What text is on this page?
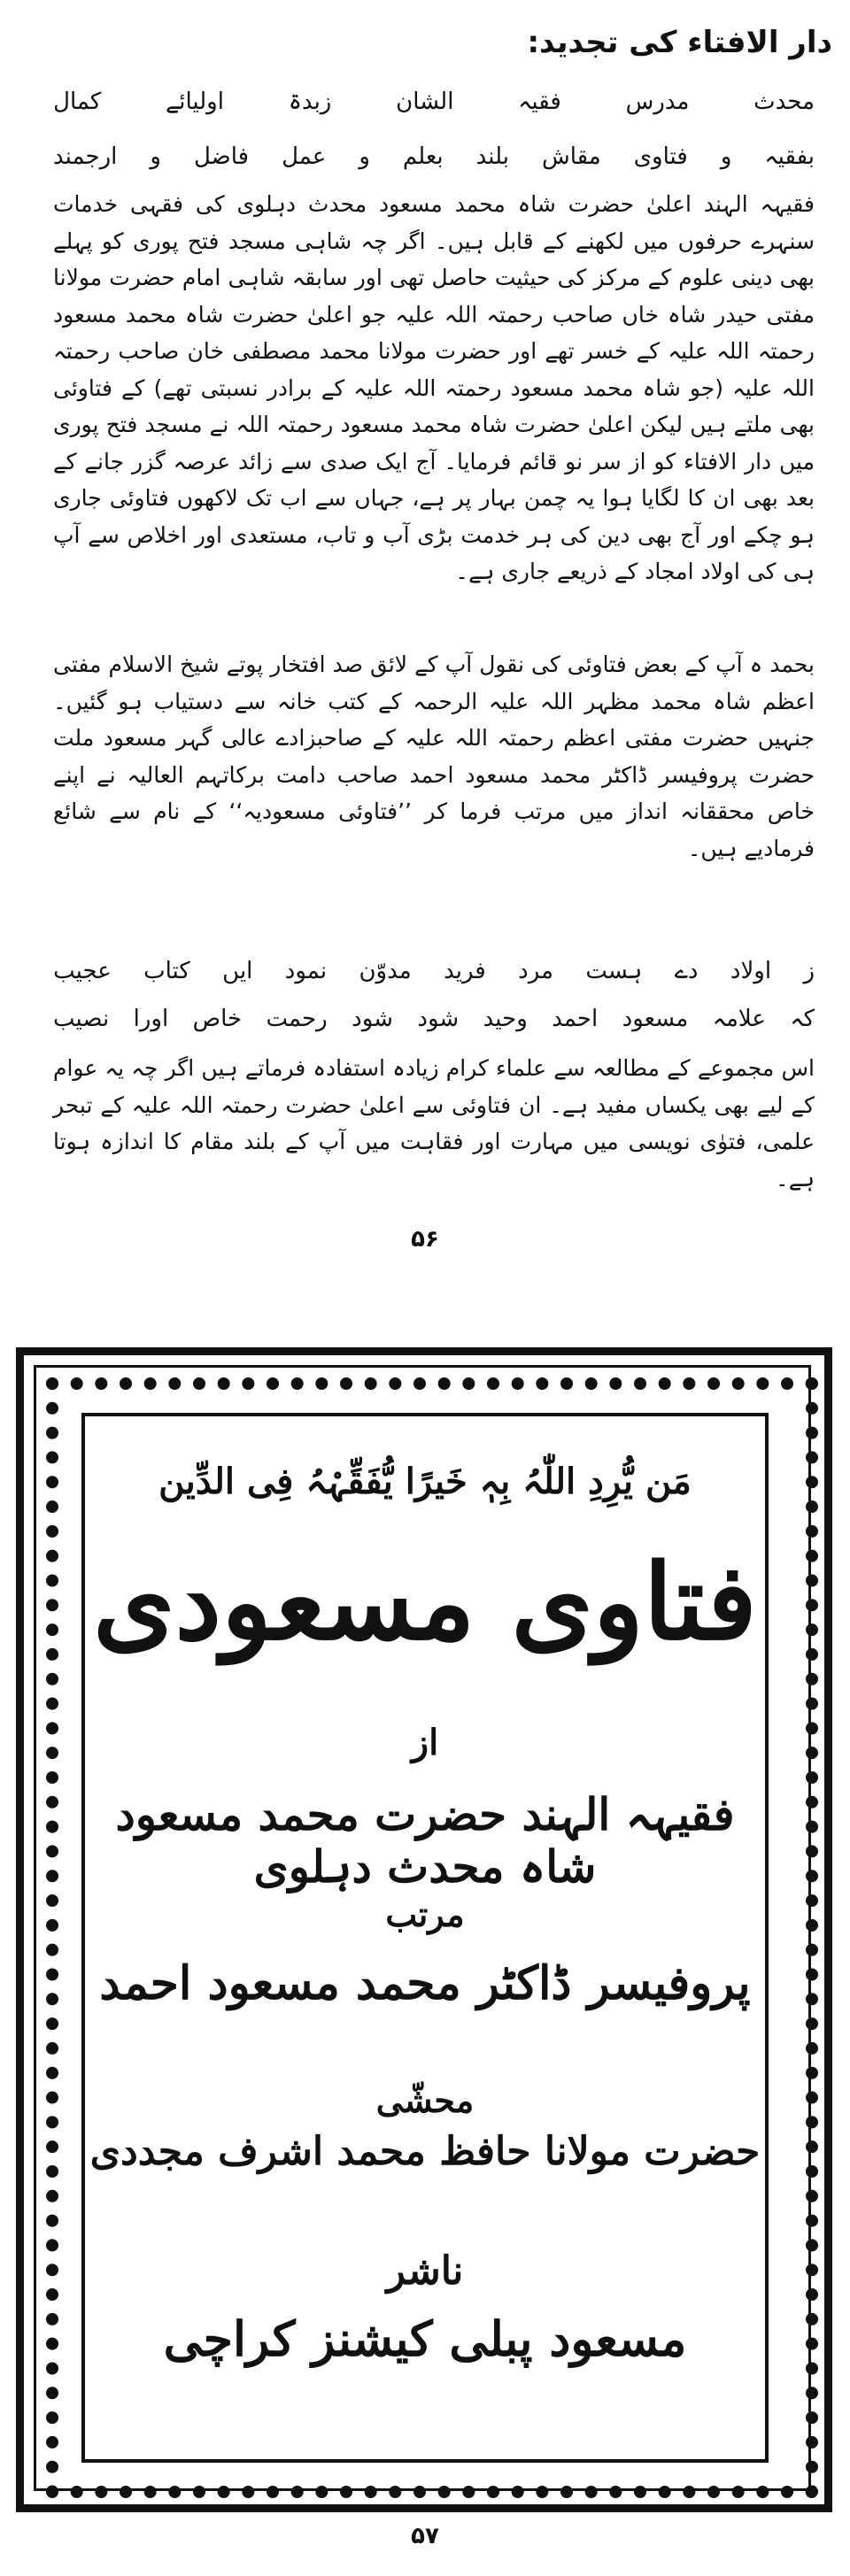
دار الافتاء کی تجدید:
محدث
مدرس
فقیہ
الشان
زبدۃ
اولیائے
کمال
بفقیہ
و
فتاوی
مقاش
بلند
بعلم
و
عمل
فاضل
و
ارجمند
فقیہہ الہند اعلیٰ حضرت شاہ محمد مسعود محدث دہلوی کی فقہی خدمات سنہرے حرفوں میں لکھنے کے قابل ہیں۔ اگر چہ شاہی مسجد فتح پوری کو پہلے بھی دینی علوم کے مرکز کی حیثیت حاصل تھی اور سابقہ شاہی امام حضرت مولانا مفتی حیدر شاہ خاں صاحب رحمتہ اللہ علیہ جو اعلیٰ حضرت شاہ محمد مسعود رحمتہ اللہ علیہ کے خسر تھے اور حضرت مولانا محمد مصطفی خان صاحب رحمتہ اللہ علیہ (جو شاہ محمد مسعود رحمتہ اللہ علیہ کے برادر نسبتی تھے) کے فتاوئی بھی ملتے ہیں لیکن اعلیٰ حضرت شاہ محمد مسعود رحمتہ اللہ نے مسجد فتح پوری میں دار الافتاء کو از سر نو قائم فرمایا۔ آج ایک صدی سے زائد عرصہ گزر جانے کے بعد بھی ان کا لگایا ہوا یہ چمن بہار پر ہے، جہاں سے اب تک لاکھوں فتاوئی جاری ہو چکے اور آج بھی دین کی ہر خدمت بڑی آب و تاب، مستعدی اور اخلاص سے آپ ہی کی اولاد امجاد کے ذریعے جاری ہے۔
بحمد ہ آپ کے بعض فتاوئی کی نقول آپ کے لائق صد افتخار پوتے شیخ الاسلام مفتی اعظم شاہ محمد مظہر اللہ علیہ الرحمہ کے کتب خانہ سے دستیاب ہو گئیں۔ جنہیں حضرت مفتی اعظم رحمتہ اللہ علیہ کے صاحبزادے عالی گہر مسعود ملت حضرت پروفیسر ڈاکٹر محمد مسعود احمد صاحب دامت برکاتہم العالیہ نے اپنے خاص محققانہ انداز میں مرتب فرما کر ’’فتاوئی مسعودیہ‘‘ کے نام سے شائع فرمادیے ہیں۔
ز
اولاد
دے
ہست
مرد
فرید
مدوّن
نمود
ایں
کتاب
عجیب
کہ
علامہ
مسعود
احمد
وحید
شود
شود
رحمت
خاص
اورا
نصیب
اس مجموعے کے مطالعہ سے علماء کرام زیادہ استفادہ فرماتے ہیں اگر چہ یہ عوام کے لیے بھی یکساں مفید ہے۔ ان فتاوئی سے اعلیٰ حضرت رحمتہ اللہ علیہ کے تبحر علمی، فتوٰی نویسی میں مہارت اور فقاہت میں آپ کے بلند مقام کا اندازہ ہوتا ہے۔
۵۶
مَن یُّرِدِ اللّٰہُ بِہٖ خَیرًا یُّفَقِّہْہُ فِی الدِّین
فتاوی مسعودی
از
فقیہہ الہند حضرت محمد مسعود شاہ محدث دہلوی
مرتب
پروفیسر ڈاکٹر محمد مسعود احمد
محشّی
حضرت مولانا حافظ محمد اشرف مجددی
ناشر
مسعود پبلی کیشنز کراچی
۵۷
